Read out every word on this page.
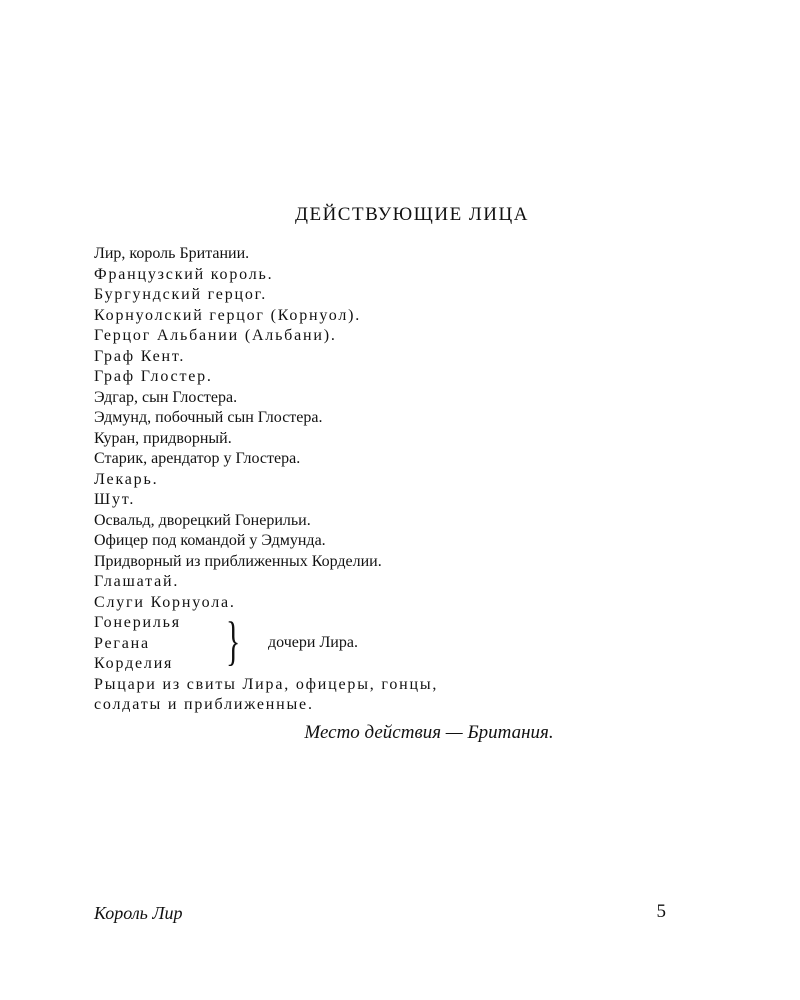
ДЕЙСТВУЮЩИЕ ЛИЦА
Лир, король Британии.
Французский король.
Бургундский герцог.
Корнуолский герцог (Корнуол).
Герцог Альбании (Альбани).
Граф Кент.
Граф Глостер.
Эдгар, сын Глостера.
Эдмунд, побочный сын Глостера.
Куран, придворный.
Старик, арендатор у Глостера.
Лекарь.
Шут.
Освальд, дворецкий Гонерильи.
Офицер под командой у Эдмунда.
Придворный из приближенных Корделии.
Глашатай.
Слуги Корнуола.
Гонерилья
Регана
Корделия } дочери Лира.
Рыцари из свиты Лира, офицеры, гонцы,
солдаты и приближенные.
Место действия — Британия.
Король Лир	5
